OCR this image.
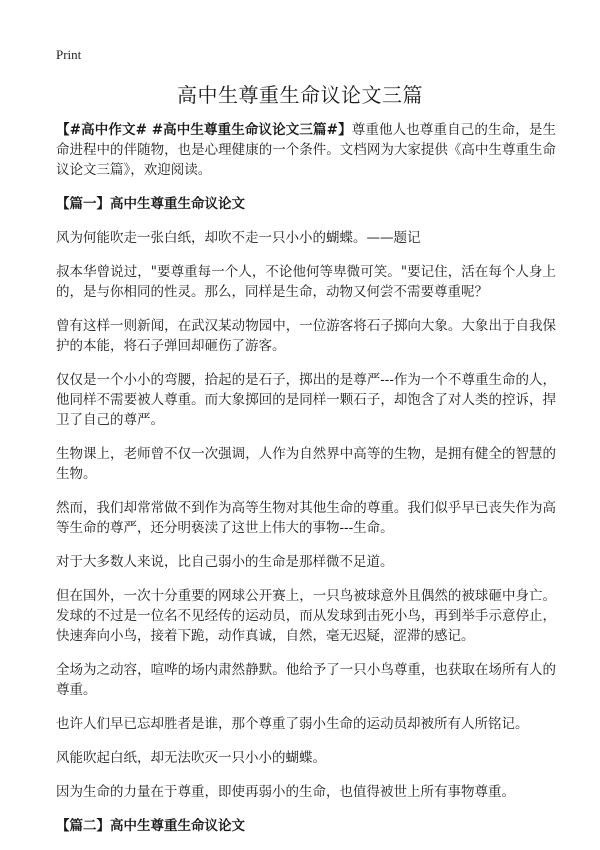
Print
高中生尊重生命议论文三篇

【#高中作文# #高中生尊重生命议论文三篇#】尊重他人也尊重自己的生命，是生命进程中的伴随物，也是心理健康的一个条件。文档网为大家提供《高中生尊重生命议论文三篇》，欢迎阅读。

【篇一】高中生尊重生命议论文

风为何能吹走一张白纸，却吹不走一只小小的蝴蝶。——题记

叔本华曾说过，"要尊重每一个人，不论他何等卑微可笑。"要记住，活在每个人身上的，是与你相同的性灵。那么，同样是生命，动物又何尝不需要尊重呢？

曾有这样一则新闻，在武汉某动物园中，一位游客将石子掷向大象。大象出于自我保护的本能，将石子弹回却砸伤了游客。

仅仅是一个小小的弯腰，拾起的是石子，掷出的是尊严---作为一个不尊重生命的人，他同样不需要被人尊重。而大象掷回的是同样一颗石子，却饱含了对人类的控诉，捍卫了自己的尊严。

生物课上，老师曾不仅一次强调，人作为自然界中高等的生物，是拥有健全的智慧的生物。

然而，我们却常常做不到作为高等生物对其他生命的尊重。我们似乎早已丧失作为高等生命的尊严，还分明亵渎了这世上伟大的事物---生命。

对于大多数人来说，比自己弱小的生命是那样微不足道。

但在国外，一次十分重要的网球公开赛上，一只鸟被球意外且偶然的被球砸中身亡。发球的不过是一位名不见经传的运动员，而从发球到击死小鸟，再到举手示意停止，快速奔向小鸟，接着下跪，动作真诚，自然，毫无迟疑，涩滞的感记。

全场为之动容，喧哗的场内肃然静默。他给予了一只小鸟尊重，也获取在场所有人的尊重。

也许人们早已忘却胜者是谁，那个尊重了弱小生命的运动员却被所有人所铭记。

风能吹起白纸，却无法吹灭一只小小的蝴蝶。

因为生命的力量在于尊重，即使再弱小的生命，也值得被世上所有事物尊重。

【篇二】高中生尊重生命议论文
